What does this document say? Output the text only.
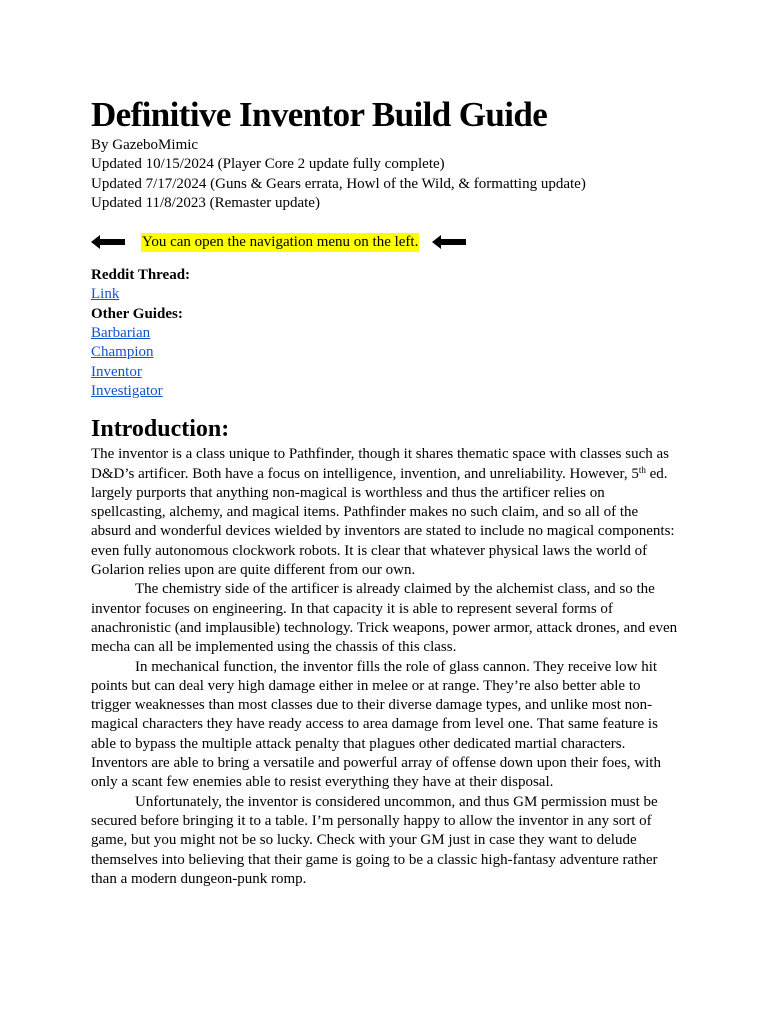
Definitive Inventor Build Guide
By GazeboMimic
Updated 10/15/2024 (Player Core 2 update fully complete)
Updated 7/17/2024 (Guns & Gears errata, Howl of the Wild, & formatting update)
Updated 11/8/2023 (Remaster update)
You can open the navigation menu on the left.
Reddit Thread:
Link
Other Guides:
Barbarian
Champion
Inventor
Investigator
Introduction:

The inventor is a class unique to Pathfinder, though it shares thematic space with classes such as D&D’s artificer. Both have a focus on intelligence, invention, and unreliability. However, 5th ed. largely purports that anything non-magical is worthless and thus the artificer relies on spellcasting, alchemy, and magical items. Pathfinder makes no such claim, and so all of the absurd and wonderful devices wielded by inventors are stated to include no magical components: even fully autonomous clockwork robots. It is clear that whatever physical laws the world of Golarion relies upon are quite different from our own.

The chemistry side of the artificer is already claimed by the alchemist class, and so the inventor focuses on engineering. In that capacity it is able to represent several forms of anachronistic (and implausible) technology. Trick weapons, power armor, attack drones, and even mecha can all be implemented using the chassis of this class.

In mechanical function, the inventor fills the role of glass cannon. They receive low hit points but can deal very high damage either in melee or at range. They’re also better able to trigger weaknesses than most classes due to their diverse damage types, and unlike most non-magical characters they have ready access to area damage from level one. That same feature is able to bypass the multiple attack penalty that plagues other dedicated martial characters. Inventors are able to bring a versatile and powerful array of offense down upon their foes, with only a scant few enemies able to resist everything they have at their disposal.

Unfortunately, the inventor is considered uncommon, and thus GM permission must be secured before bringing it to a table. I’m personally happy to allow the inventor in any sort of game, but you might not be so lucky. Check with your GM just in case they want to delude themselves into believing that their game is going to be a classic high-fantasy adventure rather than a modern dungeon-punk romp.
